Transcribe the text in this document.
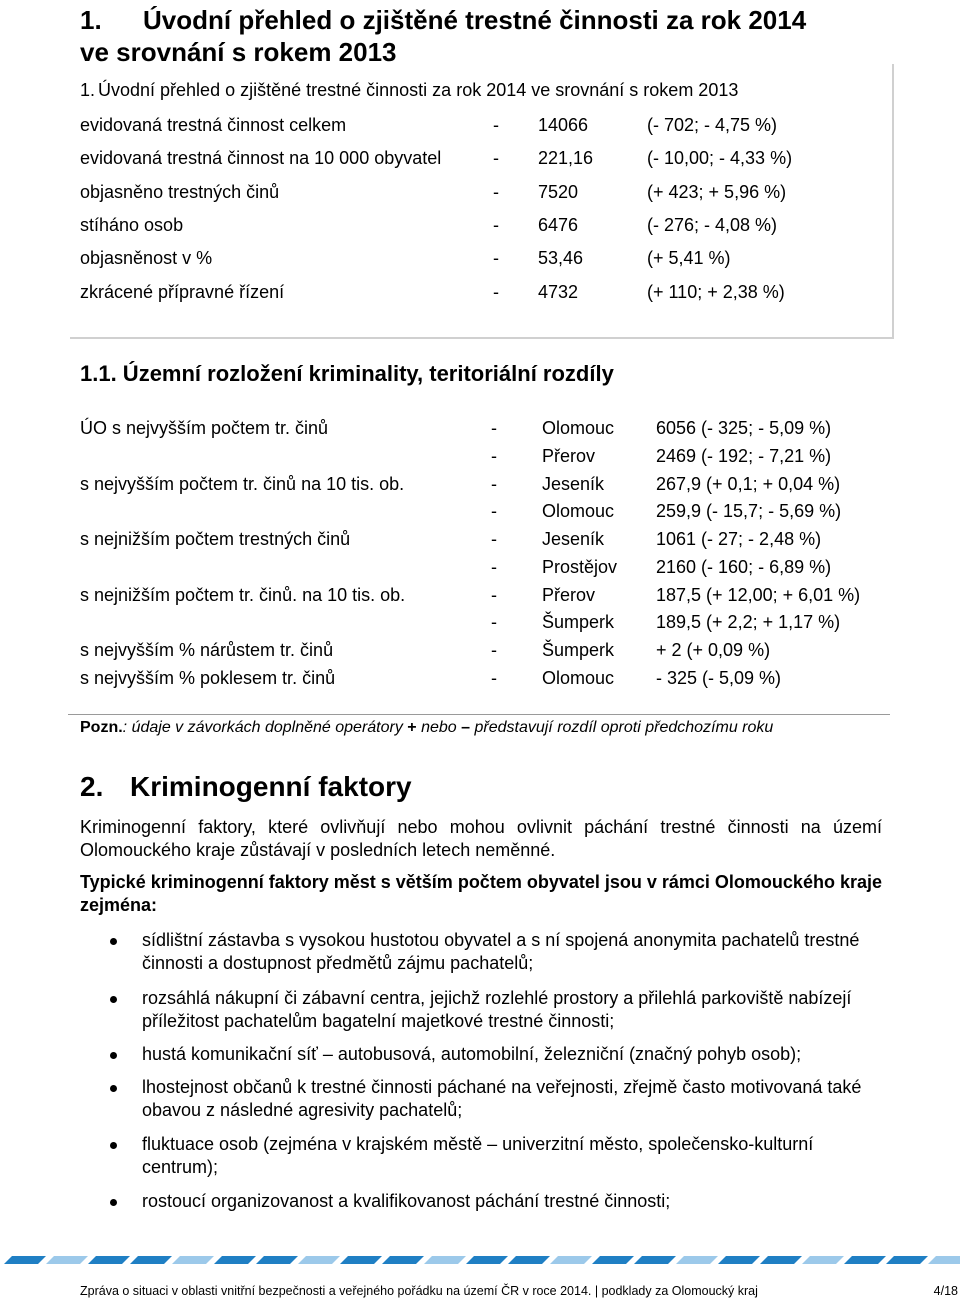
1. Úvodní přehled o zjištěné trestné činnosti za rok 2014
ve srovnání s rokem 2013
1. Úvodní přehled o zjištěné trestné činnosti za rok 2014 ve srovnání s rokem 2013
evidovaná trestná činnost celkem	- 14066	(- 702; - 4,75 %)
evidovaná trestná činnost na 10 000 obyvatel	- 221,16	(- 10,00; - 4,33 %)
objasněno trestných činů	- 7520	(+ 423; + 5,96 %)
stíháno osob	- 6476	(- 276; - 4,08 %)
objasněnost v %	- 53,46	(+ 5,41 %)
zkrácené přípravné řízení	- 4732	(+ 110; + 2,38 %)
1.1. Územní rozložení kriminality, teritoriální rozdíly
ÚO s nejvyšším počtem tr. činů	-	Olomouc 6056 (- 325; - 5,09 %)
-	Přerov	2469 (- 192; - 7,21 %)
s nejvyšším počtem tr. činů na 10 tis. ob.	-	Jeseník	267,9 (+ 0,1; + 0,04 %)
-	Olomouc 259,9 (- 15,7; - 5,69 %)
s nejnižším počtem trestných činů	-	Jeseník	1061 (- 27; - 2,48 %)
-	Prostějov 2160 (- 160; - 6,89 %)
s nejnižším počtem tr. činů. na 10 tis. ob.	-	Přerov	187,5 (+ 12,00; + 6,01 %)
-	Šumperk 189,5 (+ 2,2; + 1,17 %)
s nejvyšším % nárůstem tr. činů	-	Šumperk + 2 (+ 0,09 %)
s nejvyšším % poklesem tr. činů	-	Olomouc - 325 (- 5,09 %)
Pozn.: údaje v závorkách doplněné operátory + nebo – představují rozdíl oproti předchozímu roku
2. Kriminogenní faktory
Kriminogenní faktory, které ovlivňují nebo mohou ovlivnit páchání trestné činnosti na území Olomouckého kraje zůstávají v posledních letech neměnné.
Typické kriminogenní faktory měst s větším počtem obyvatel jsou v rámci Olomouckého kraje zejména:
sídlištní zástavba s vysokou hustotou obyvatel a s ní spojená anonymita pachatelů trestné činnosti a dostupnost předmětů zájmu pachatelů;
rozsáhlá nákupní či zábavní centra, jejichž rozlehlé prostory a přilehlá parkoviště nabízejí příležitost pachatelům bagatelní majetkové trestné činnosti;
hustá komunikační síť – autobusová, automobilní, železniční (značný pohyb osob);
lhostejnost občanů k trestné činnosti páchané na veřejnosti, zřejmě často motivovaná také obavou z následné agresivity pachatelů;
fluktuace osob (zejména v krajském městě – univerzitní město, společensko-kulturní centrum);
rostoucí organizovanost a kvalifikovanost páchání trestné činnosti;
Zpráva o situaci v oblasti vnitřní bezpečnosti a veřejného pořádku na území ČR v roce 2014. | podklady za Olomoucký kraj	4/18
